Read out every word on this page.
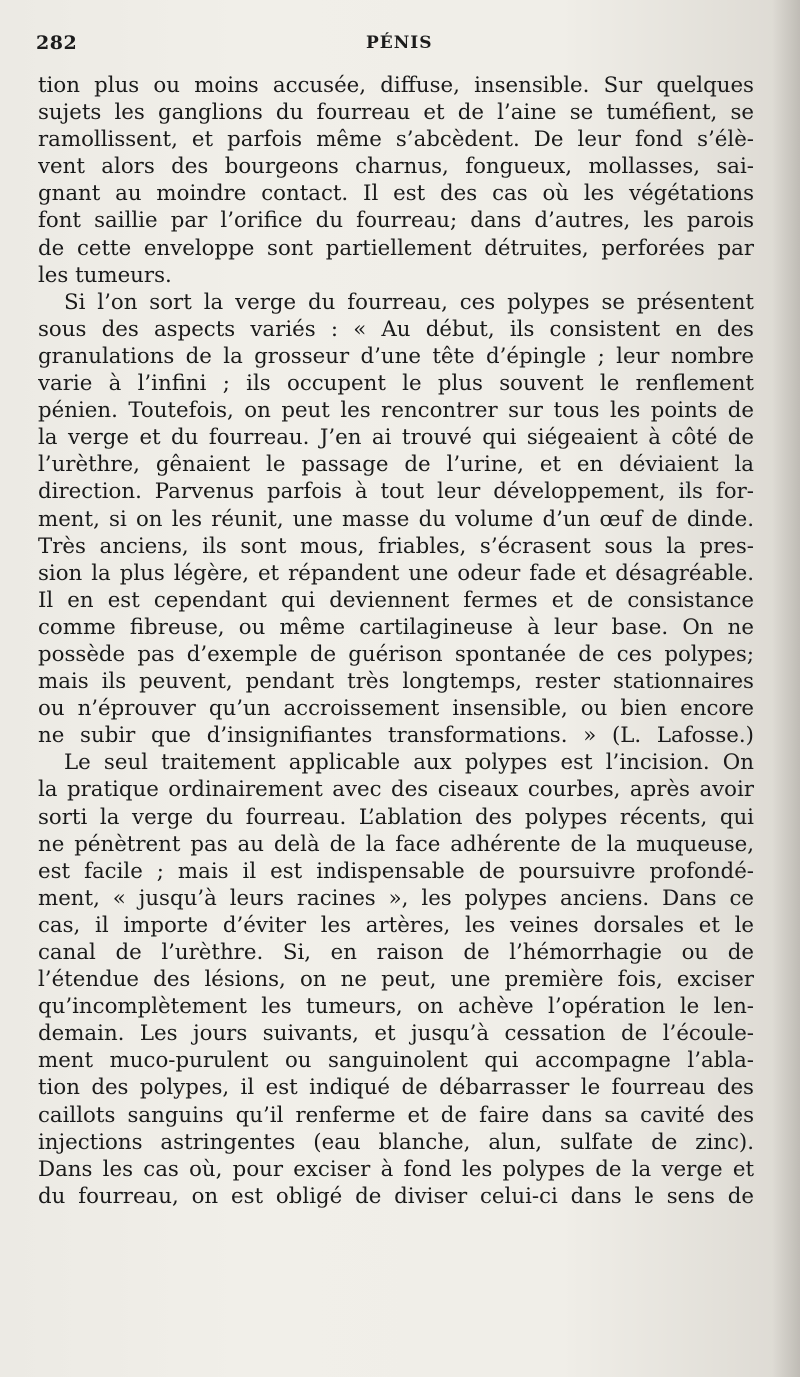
282	PÉNIS
tion plus ou moins accusée, diffuse, insensible. Sur quelques
sujets les ganglions du fourreau et de l’aine se tuméfient, se
ramollissent, et parfois même s’abcèdent. De leur fond s’élè-
vent alors des bourgeons charnus, fongueux, mollasses, sai-
gnant au moindre contact. Il est des cas où les végétations
font saillie par l’orifice du fourreau; dans d’autres, les parois
de cette enveloppe sont partiellement détruites, perforées par
les tumeurs.
Si l’on sort la verge du fourreau, ces polypes se présentent
sous des aspects variés : « Au début, ils consistent en des
granulations de la grosseur d’une tête d’épingle ; leur nombre
varie à l’infini ; ils occupent le plus souvent le renflement
pénien. Toutefois, on peut les rencontrer sur tous les points de
la verge et du fourreau. J’en ai trouvé qui siégeaient à côté de
l’urèthre, gênaient le passage de l’urine, et en déviaient la
direction. Parvenus parfois à tout leur développement, ils for-
ment, si on les réunit, une masse du volume d’un œuf de dinde.
Très anciens, ils sont mous, friables, s’écrasent sous la pres-
sion la plus légère, et répandent une odeur fade et désagréable.
Il en est cependant qui deviennent fermes et de consistance
comme fibreuse, ou même cartilagineuse à leur base. On ne
possède pas d’exemple de guérison spontanée de ces polypes;
mais ils peuvent, pendant très longtemps, rester stationnaires
ou n’éprouver qu’un accroissement insensible, ou bien encore
ne subir que d’insignifiantes transformations. » (L. Lafosse.)
Le seul traitement applicable aux polypes est l’incision. On
la pratique ordinairement avec des ciseaux courbes, après avoir
sorti la verge du fourreau. L’ablation des polypes récents, qui
ne pénètrent pas au delà de la face adhérente de la muqueuse,
est facile ; mais il est indispensable de poursuivre profondé-
ment, « jusqu’à leurs racines », les polypes anciens. Dans ce
cas, il importe d’éviter les artères, les veines dorsales et le
canal de l’urèthre. Si, en raison de l’hémorrhagie ou de
l’étendue des lésions, on ne peut, une première fois, exciser
qu’incomplètement les tumeurs, on achève l’opération le len-
demain. Les jours suivants, et jusqu’à cessation de l’écoule-
ment muco-purulent ou sanguinolent qui accompagne l’abla-
tion des polypes, il est indiqué de débarrasser le fourreau des
caillots sanguins qu’il renferme et de faire dans sa cavité des
injections astringentes (eau blanche, alun, sulfate de zinc).
Dans les cas où, pour exciser à fond les polypes de la verge et
du fourreau, on est obligé de diviser celui-ci dans le sens de
